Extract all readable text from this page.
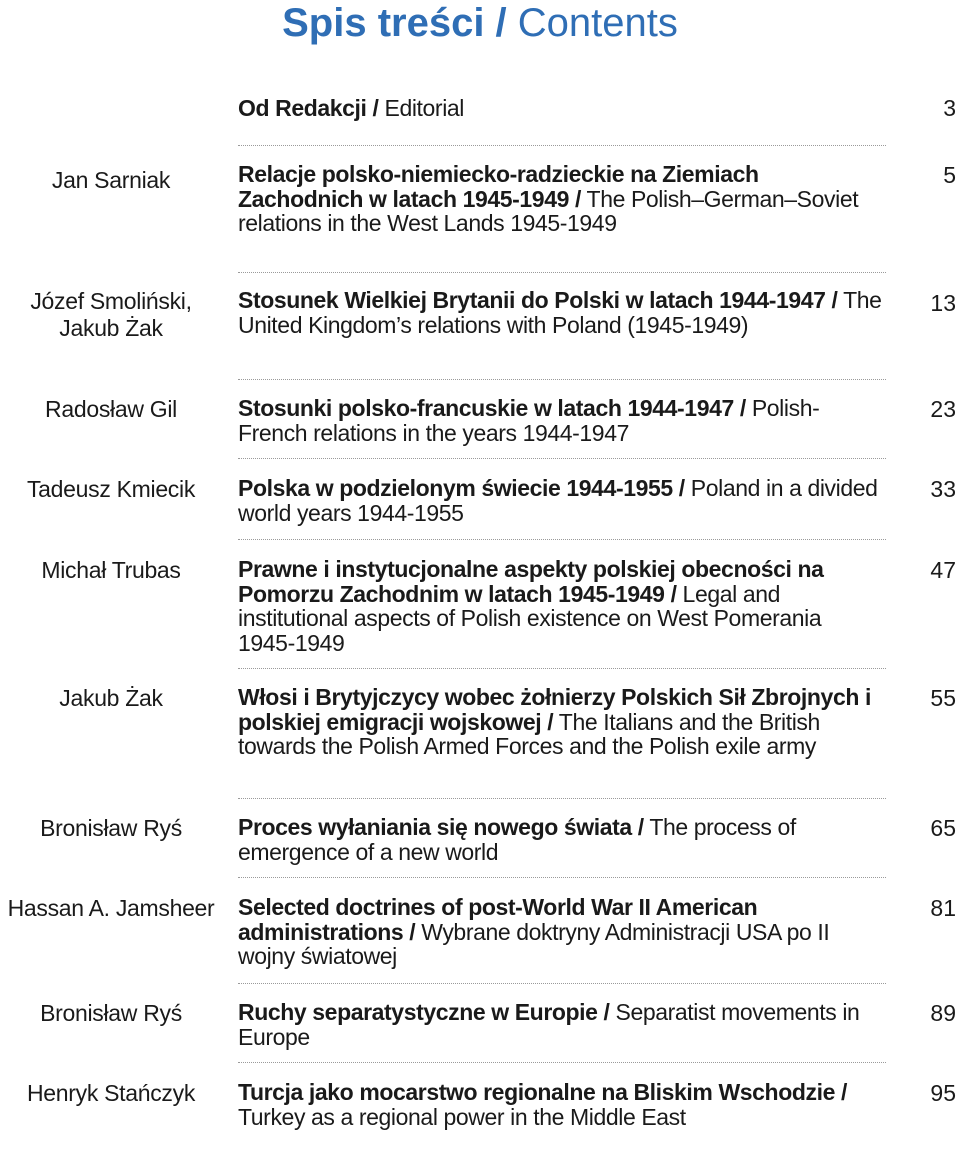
Spis treści / Contents
Od Redakcji / Editorial	3
Jan Sarniak	Relacje polsko-niemiecko-radzieckie na Ziemiach Zachodnich w latach 1945-1949 / The Polish–German–Soviet relations in the West Lands 1945-1949
5
Józef Smoliński, Jakub Żak
Stosunek Wielkiej Brytanii do Polski w latach 1944-1947 / The United Kingdom’s relations with Poland (1945-1949)
13
Radosław Gil	Stosunki polsko-francuskie w latach 1944-1947 / Polish-French relations in the years 1944-1947
23
Tadeusz Kmiecik	Polska w podzielonym świecie 1944-1955 / Poland in a divided world years 1944-1955
33
Michał Trubas	Prawne i instytucjonalne aspekty polskiej obecności na Pomorzu Zachodnim w latach 1945-1949 / Legal and institutional aspects of Polish existence on West Pomerania 1945-1949
47
Jakub Żak	Włosi i Brytyjczycy wobec żołnierzy Polskich Sił Zbrojnych i polskiej emigracji wojskowej / The Italians and the British towards the Polish Armed Forces and the Polish exile army
55
Bronisław Ryś	Proces wyłaniania się nowego świata / The process of emergence of a new world
65
Hassan A. Jamsheer	Selected doctrines of post-World War II American administrations / Wybrane doktryny Administracji USA po II wojny światowej
81
Bronisław Ryś	Ruchy separatystyczne w Europie / Separatist movements in Europe
89
Henryk Stańczyk	Turcja jako mocarstwo regionalne na Bliskim Wschodzie / Turkey as a regional power in the Middle East
95
